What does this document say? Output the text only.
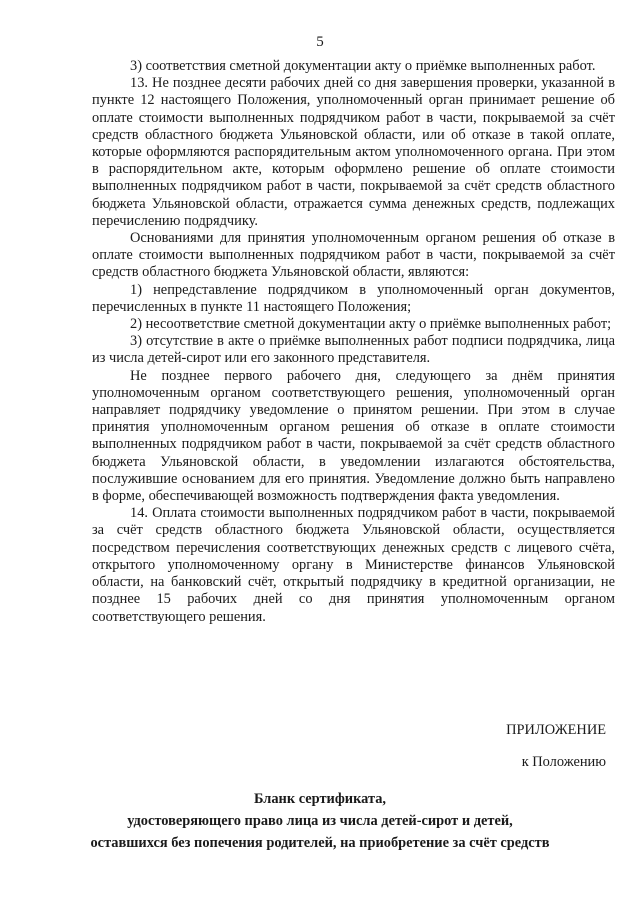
5

3) соответствия сметной документации акту о приёмке выполненных работ.

13. Не позднее десяти рабочих дней со дня завершения проверки, указанной в пункте 12 настоящего Положения, уполномоченный орган принимает решение об оплате стоимости выполненных подрядчиком работ в части, покрываемой за счёт средств областного бюджета Ульяновской области, или об отказе в такой оплате, которые оформляются распорядительным актом уполномоченного органа. При этом в распорядительном акте, которым оформлено решение об оплате стоимости выполненных подрядчиком работ в части, покрываемой за счёт средств областного бюджета Ульяновской области, отражается сумма денежных средств, подлежащих перечислению подрядчику.

Основаниями для принятия уполномоченным органом решения об отказе в оплате стоимости выполненных подрядчиком работ в части, покрываемой за счёт средств областного бюджета Ульяновской области, являются:

1) непредставление подрядчиком в уполномоченный орган документов, перечисленных в пункте 11 настоящего Положения;

2) несоответствие сметной документации акту о приёмке выполненных работ;

3) отсутствие в акте о приёмке выполненных работ подписи подрядчика, лица из числа детей-сирот или его законного представителя.

Не позднее первого рабочего дня, следующего за днём принятия уполномоченным органом соответствующего решения, уполномоченный орган направляет подрядчику уведомление о принятом решении. При этом в случае принятия уполномоченным органом решения об отказе в оплате стоимости выполненных подрядчиком работ в части, покрываемой за счёт средств областного бюджета Ульяновской области, в уведомлении излагаются обстоятельства, послужившие основанием для его принятия. Уведомление должно быть направлено в форме, обеспечивающей возможность подтверждения факта уведомления.

14. Оплата стоимости выполненных подрядчиком работ в части, покрываемой за счёт средств областного бюджета Ульяновской области, осуществляется посредством перечисления соответствующих денежных средств с лицевого счёта, открытого уполномоченному органу в Министерстве финансов Ульяновской области, на банковский счёт, открытый подрядчику в кредитной организации, не позднее 15 рабочих дней со дня принятия уполномоченным органом соответствующего решения.

ПРИЛОЖЕНИЕ
к Положению
Бланк сертификата,
удостоверяющего право лица из числа детей-сирот и детей,
оставшихся без попечения родителей, на приобретение за счёт средств
